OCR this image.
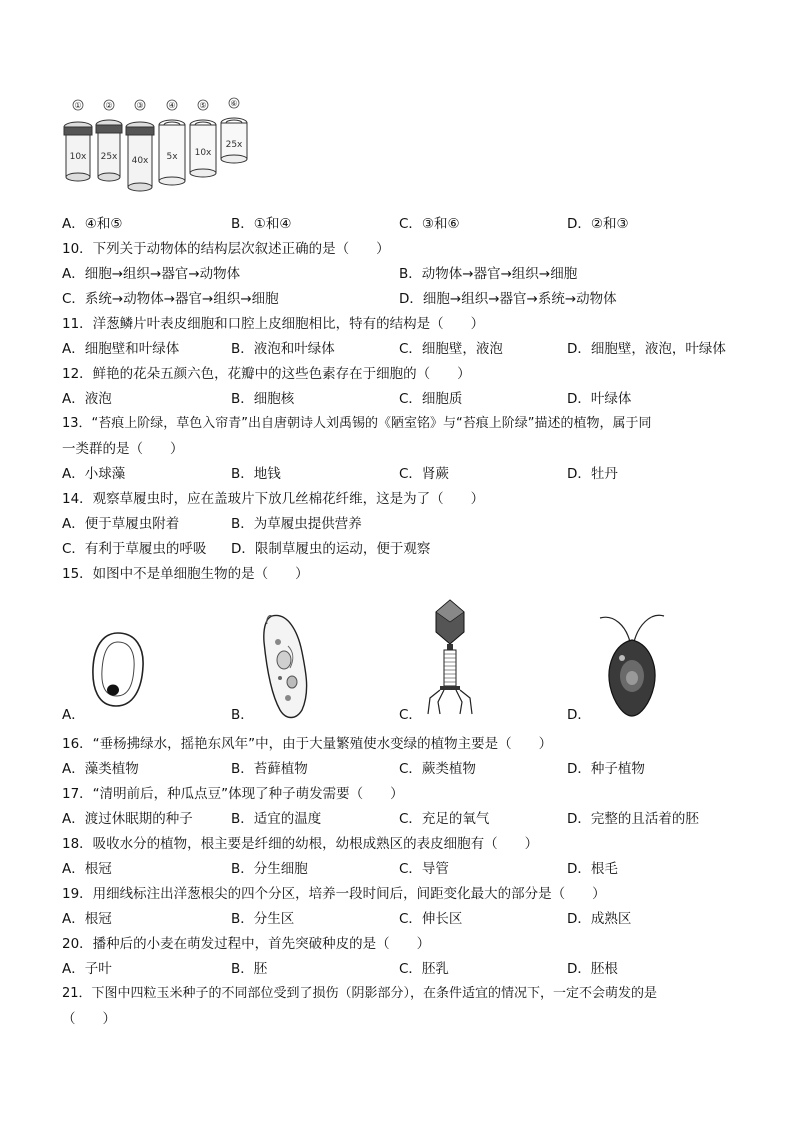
①
10x
②
25x
③
40x
④
5x
⑤
10x
⑥
25x
A．④和⑤	B．①和④	C．③和⑥	D．②和③
10．下列关于动物体的结构层次叙述正确的是（　　）
A．细胞→组织→器官→动物体	B．动物体→器官→组织→细胞
C．系统→动物体→器官→组织→细胞	D．细胞→组织→器官→系统→动物体
11．洋葱鳞片叶表皮细胞和口腔上皮细胞相比，特有的结构是（　　）
A．细胞壁和叶绿体	B．液泡和叶绿体	C．细胞壁，液泡	D．细胞壁，液泡，叶绿体
12．鲜艳的花朵五颜六色，花瓣中的这些色素存在于细胞的（　　）
A．液泡	B．细胞核	C．细胞质	D．叶绿体
13．“苔痕上阶绿，草色入帘青”出自唐朝诗人刘禹锡的《陋室铭》与“苔痕上阶绿”描述的植物，属于同
一类群的是（　　）
A．小球藻	B．地钱	C．肾蕨	D．牡丹
14．观察草履虫时，应在盖玻片下放几丝棉花纤维，这是为了（　　）
A．便于草履虫附着	B．为草履虫提供营养
C．有利于草履虫的呼吸 D．限制草履虫的运动，便于观察
15．如图中不是单细胞生物的是（　　）
A．	B．	C．	D．
16．“垂杨拂绿水，摇艳东风年”中，由于大量繁殖使水变绿的植物主要是（　　）
A．藻类植物	B．苔藓植物	C．蕨类植物	D．种子植物
17．“清明前后，种瓜点豆”体现了种子萌发需要（　　）
A．渡过休眠期的种子	B．适宜的温度	C．充足的氧气	D．完整的且活着的胚
18．吸收水分的植物，根主要是纤细的幼根，幼根成熟区的表皮细胞有（　　）
A．根冠	B．分生细胞	C．导管	D．根毛
19．用细线标注出洋葱根尖的四个分区，培养一段时间后，间距变化最大的部分是（　　）
A．根冠	B．分生区	C．伸长区	D．成熟区
20．播种后的小麦在萌发过程中，首先突破种皮的是（　　）
A．子叶	B．胚	C．胚乳	D．胚根
21．下图中四粒玉米种子的不同部位受到了损伤（阴影部分），在条件适宜的情况下，一定不会萌发的是
（　　）
